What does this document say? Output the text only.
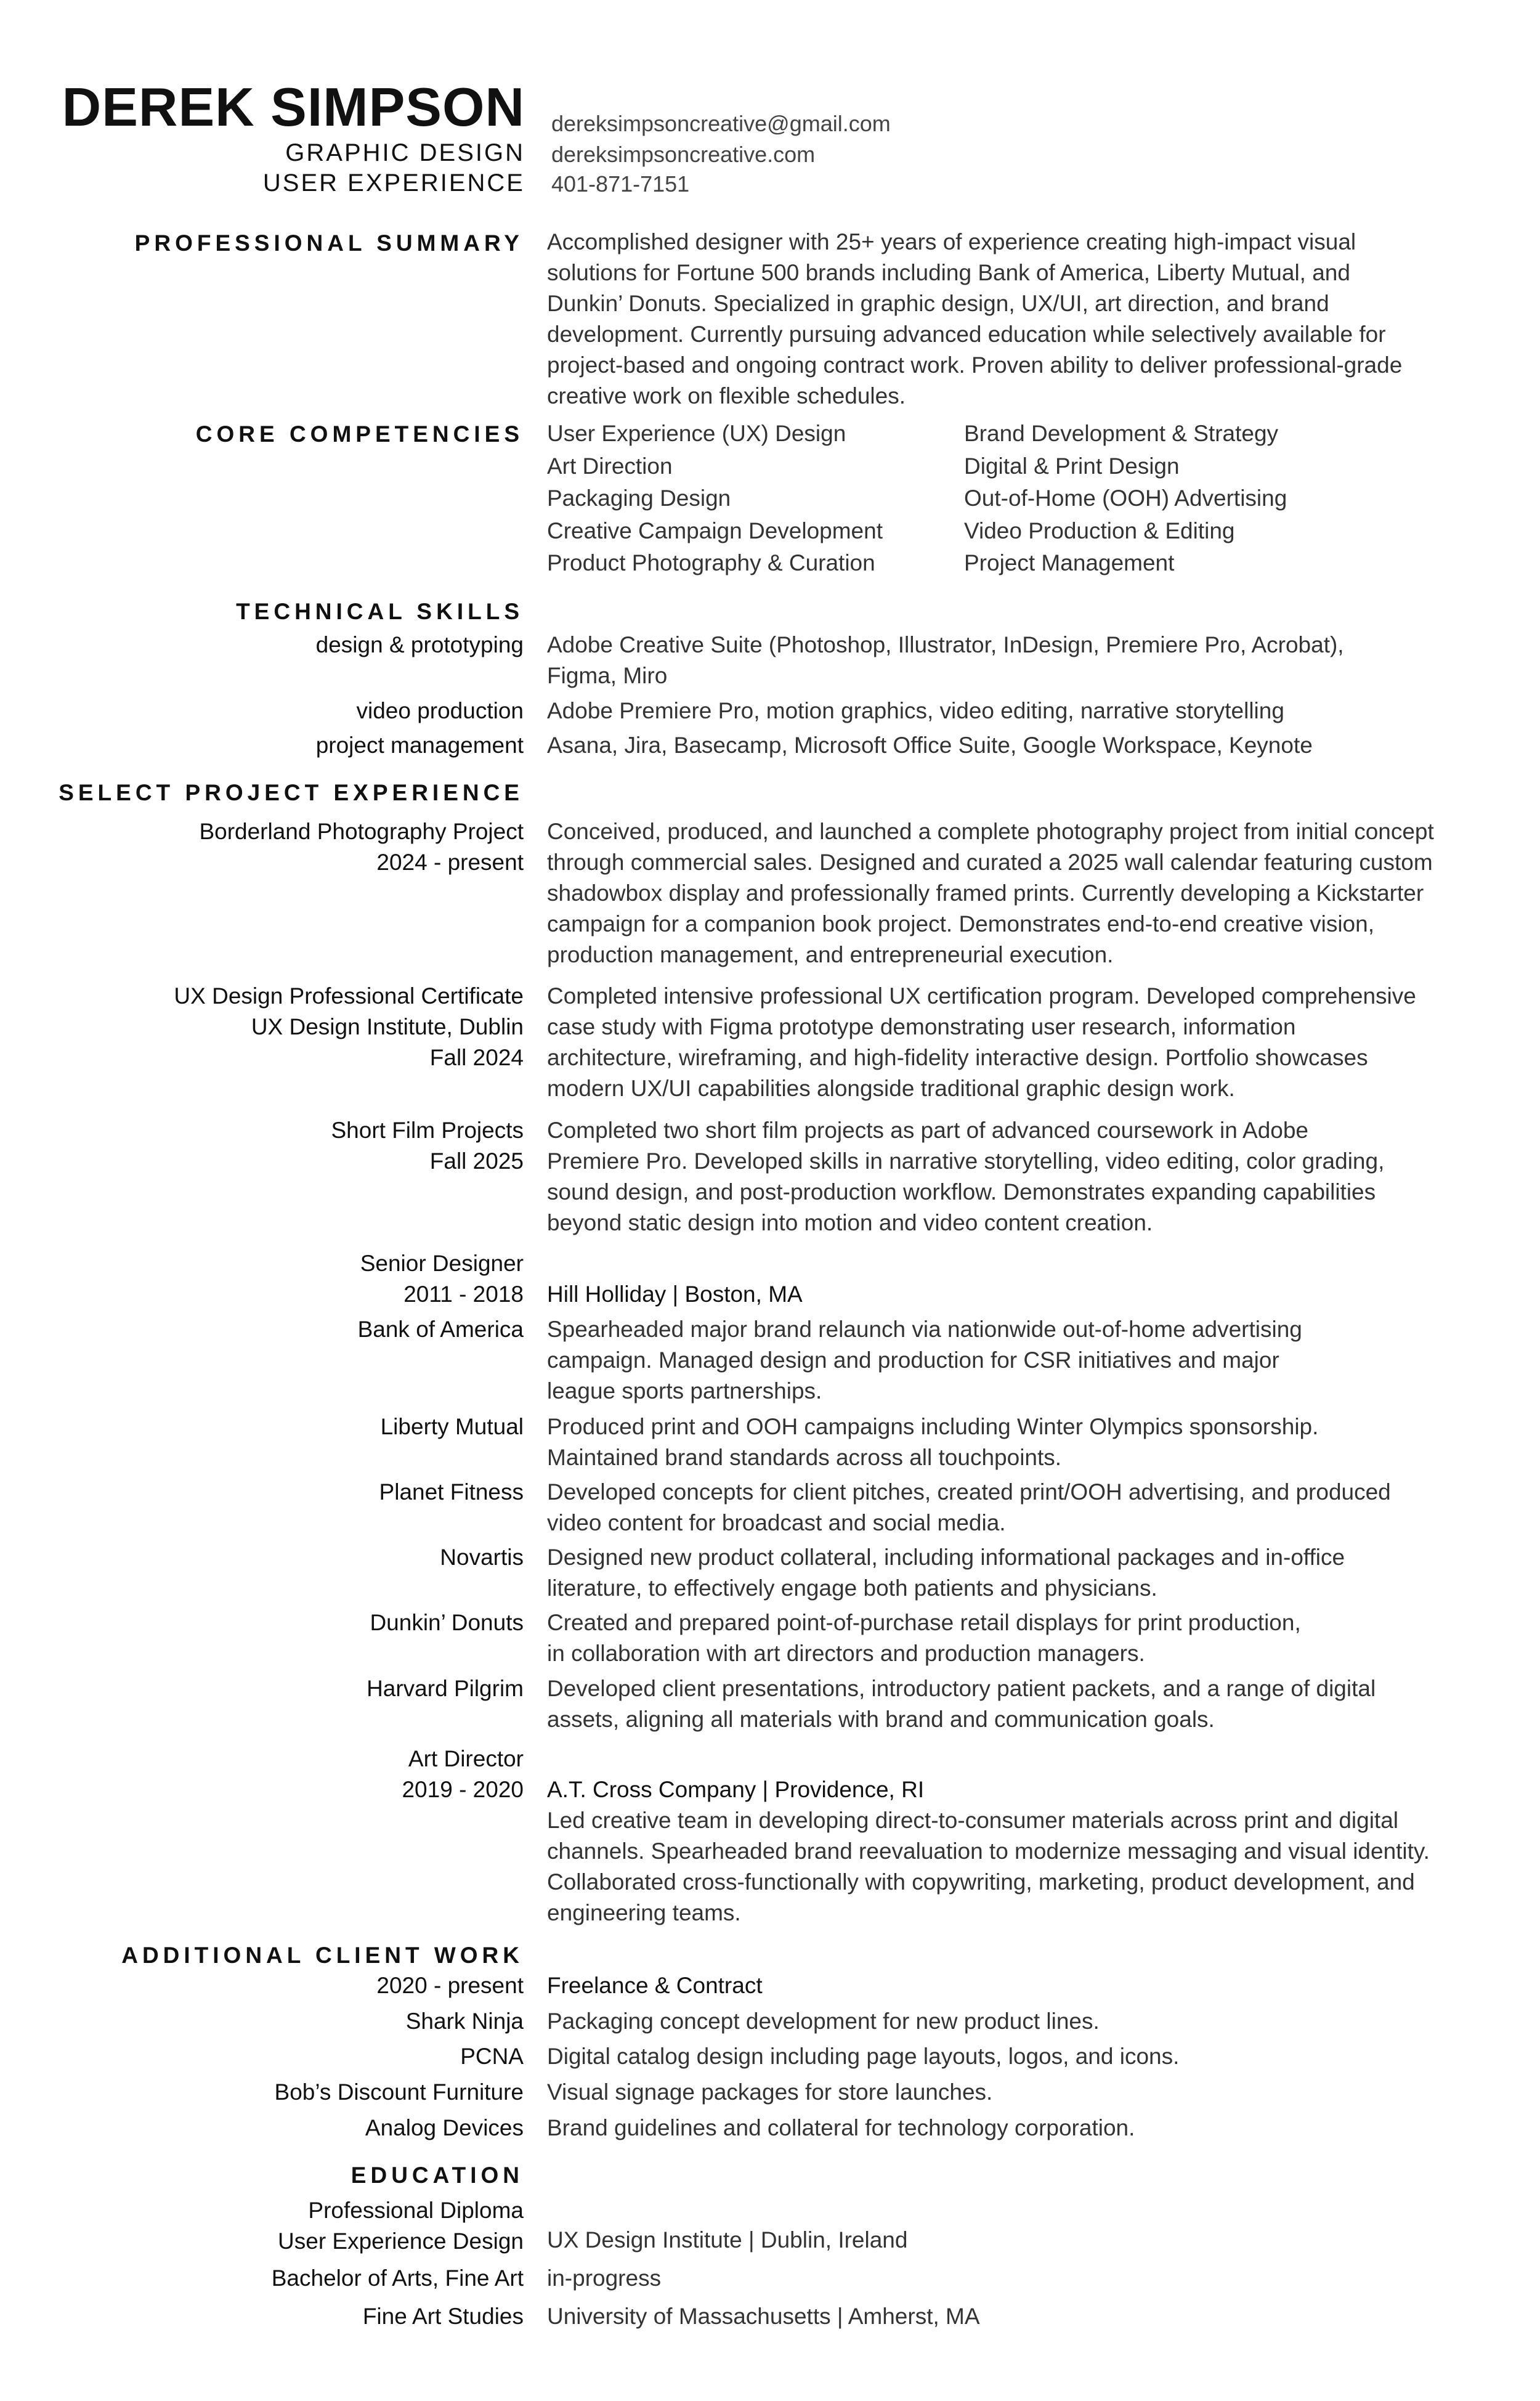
DEREK SIMPSON
GRAPHIC DESIGN
USER EXPERIENCE
dereksimpsoncreative@gmail.com
dereksimpsoncreative.com
401-871-7151
PROFESSIONAL SUMMARY Accomplished designer with 25+ years of experience creating high-impact visual
solutions for Fortune 500 brands including Bank of America, Liberty Mutual, and
Dunkin’ Donuts. Specialized in graphic design, UX/UI, art direction, and brand
development. Currently pursuing advanced education while selectively available for
project-based and ongoing contract work. Proven ability to deliver professional-grade
creative work on flexible schedules.
CORE COMPETENCIES User Experience (UX) Design
Art Direction
Packaging Design
Creative Campaign Development
Product Photography & Curation
Brand Development & Strategy
Digital & Print Design
Out-of-Home (OOH) Advertising
Video Production & Editing
Project Management
TECHNICAL SKILLS
design & prototyping Adobe Creative Suite (Photoshop, Illustrator, InDesign, Premiere Pro, Acrobat),
Figma, Miro
video production Adobe Premiere Pro, motion graphics, video editing, narrative storytelling
project management Asana, Jira, Basecamp, Microsoft Office Suite, Google Workspace, Keynote
SELECT PROJECT EXPERIENCE
Borderland Photography Project
2024 - present
Conceived, produced, and launched a complete photography project from initial concept
through commercial sales. Designed and curated a 2025 wall calendar featuring custom
shadowbox display and professionally framed prints. Currently developing a Kickstarter
campaign for a companion book project. Demonstrates end-to-end creative vision,
production management, and entrepreneurial execution.
UX Design Professional Certificate
UX Design Institute, Dublin
Fall 2024
Completed intensive professional UX certification program. Developed comprehensive
case study with Figma prototype demonstrating user research, information
architecture, wireframing, and high-fidelity interactive design. Portfolio showcases
modern UX/UI capabilities alongside traditional graphic design work.
Short Film Projects
Fall 2025
Completed two short film projects as part of advanced coursework in Adobe
Premiere Pro. Developed skills in narrative storytelling, video editing, color grading,
sound design, and post-production workflow. Demonstrates expanding capabilities
beyond static design into motion and video content creation.
Senior Designer
2011 - 2018 Hill Holliday | Boston, MA
Bank of America Spearheaded major brand relaunch via nationwide out-of-home advertising
campaign. Managed design and production for CSR initiatives and major
league sports partnerships.
Liberty Mutual Produced print and OOH campaigns including Winter Olympics sponsorship.
Maintained brand standards across all touchpoints.
Planet Fitness Developed concepts for client pitches, created print/OOH advertising, and produced
video content for broadcast and social media.
Novartis Designed new product collateral, including informational packages and in-office
literature, to effectively engage both patients and physicians.
Dunkin’ Donuts Created and prepared point-of-purchase retail displays for print production,
in collaboration with art directors and production managers.
Harvard Pilgrim Developed client presentations, introductory patient packets, and a range of digital
assets, aligning all materials with brand and communication goals.
Art Director
2019 - 2020 A.T. Cross Company | Providence, RI
Led creative team in developing direct-to-consumer materials across print and digital
channels. Spearheaded brand reevaluation to modernize messaging and visual identity.
Collaborated cross-functionally with copywriting, marketing, product development, and
engineering teams.
ADDITIONAL CLIENT WORK
2020 - present Freelance & Contract
Shark Ninja Packaging concept development for new product lines.
PCNA Digital catalog design including page layouts, logos, and icons.
Bob’s Discount Furniture Visual signage packages for store launches.
Analog Devices Brand guidelines and collateral for technology corporation.
EDUCATION
Professional Diploma
User Experience Design UX Design Institute | Dublin, Ireland
Bachelor of Arts, Fine Art in-progress
Fine Art Studies University of Massachusetts | Amherst, MA
